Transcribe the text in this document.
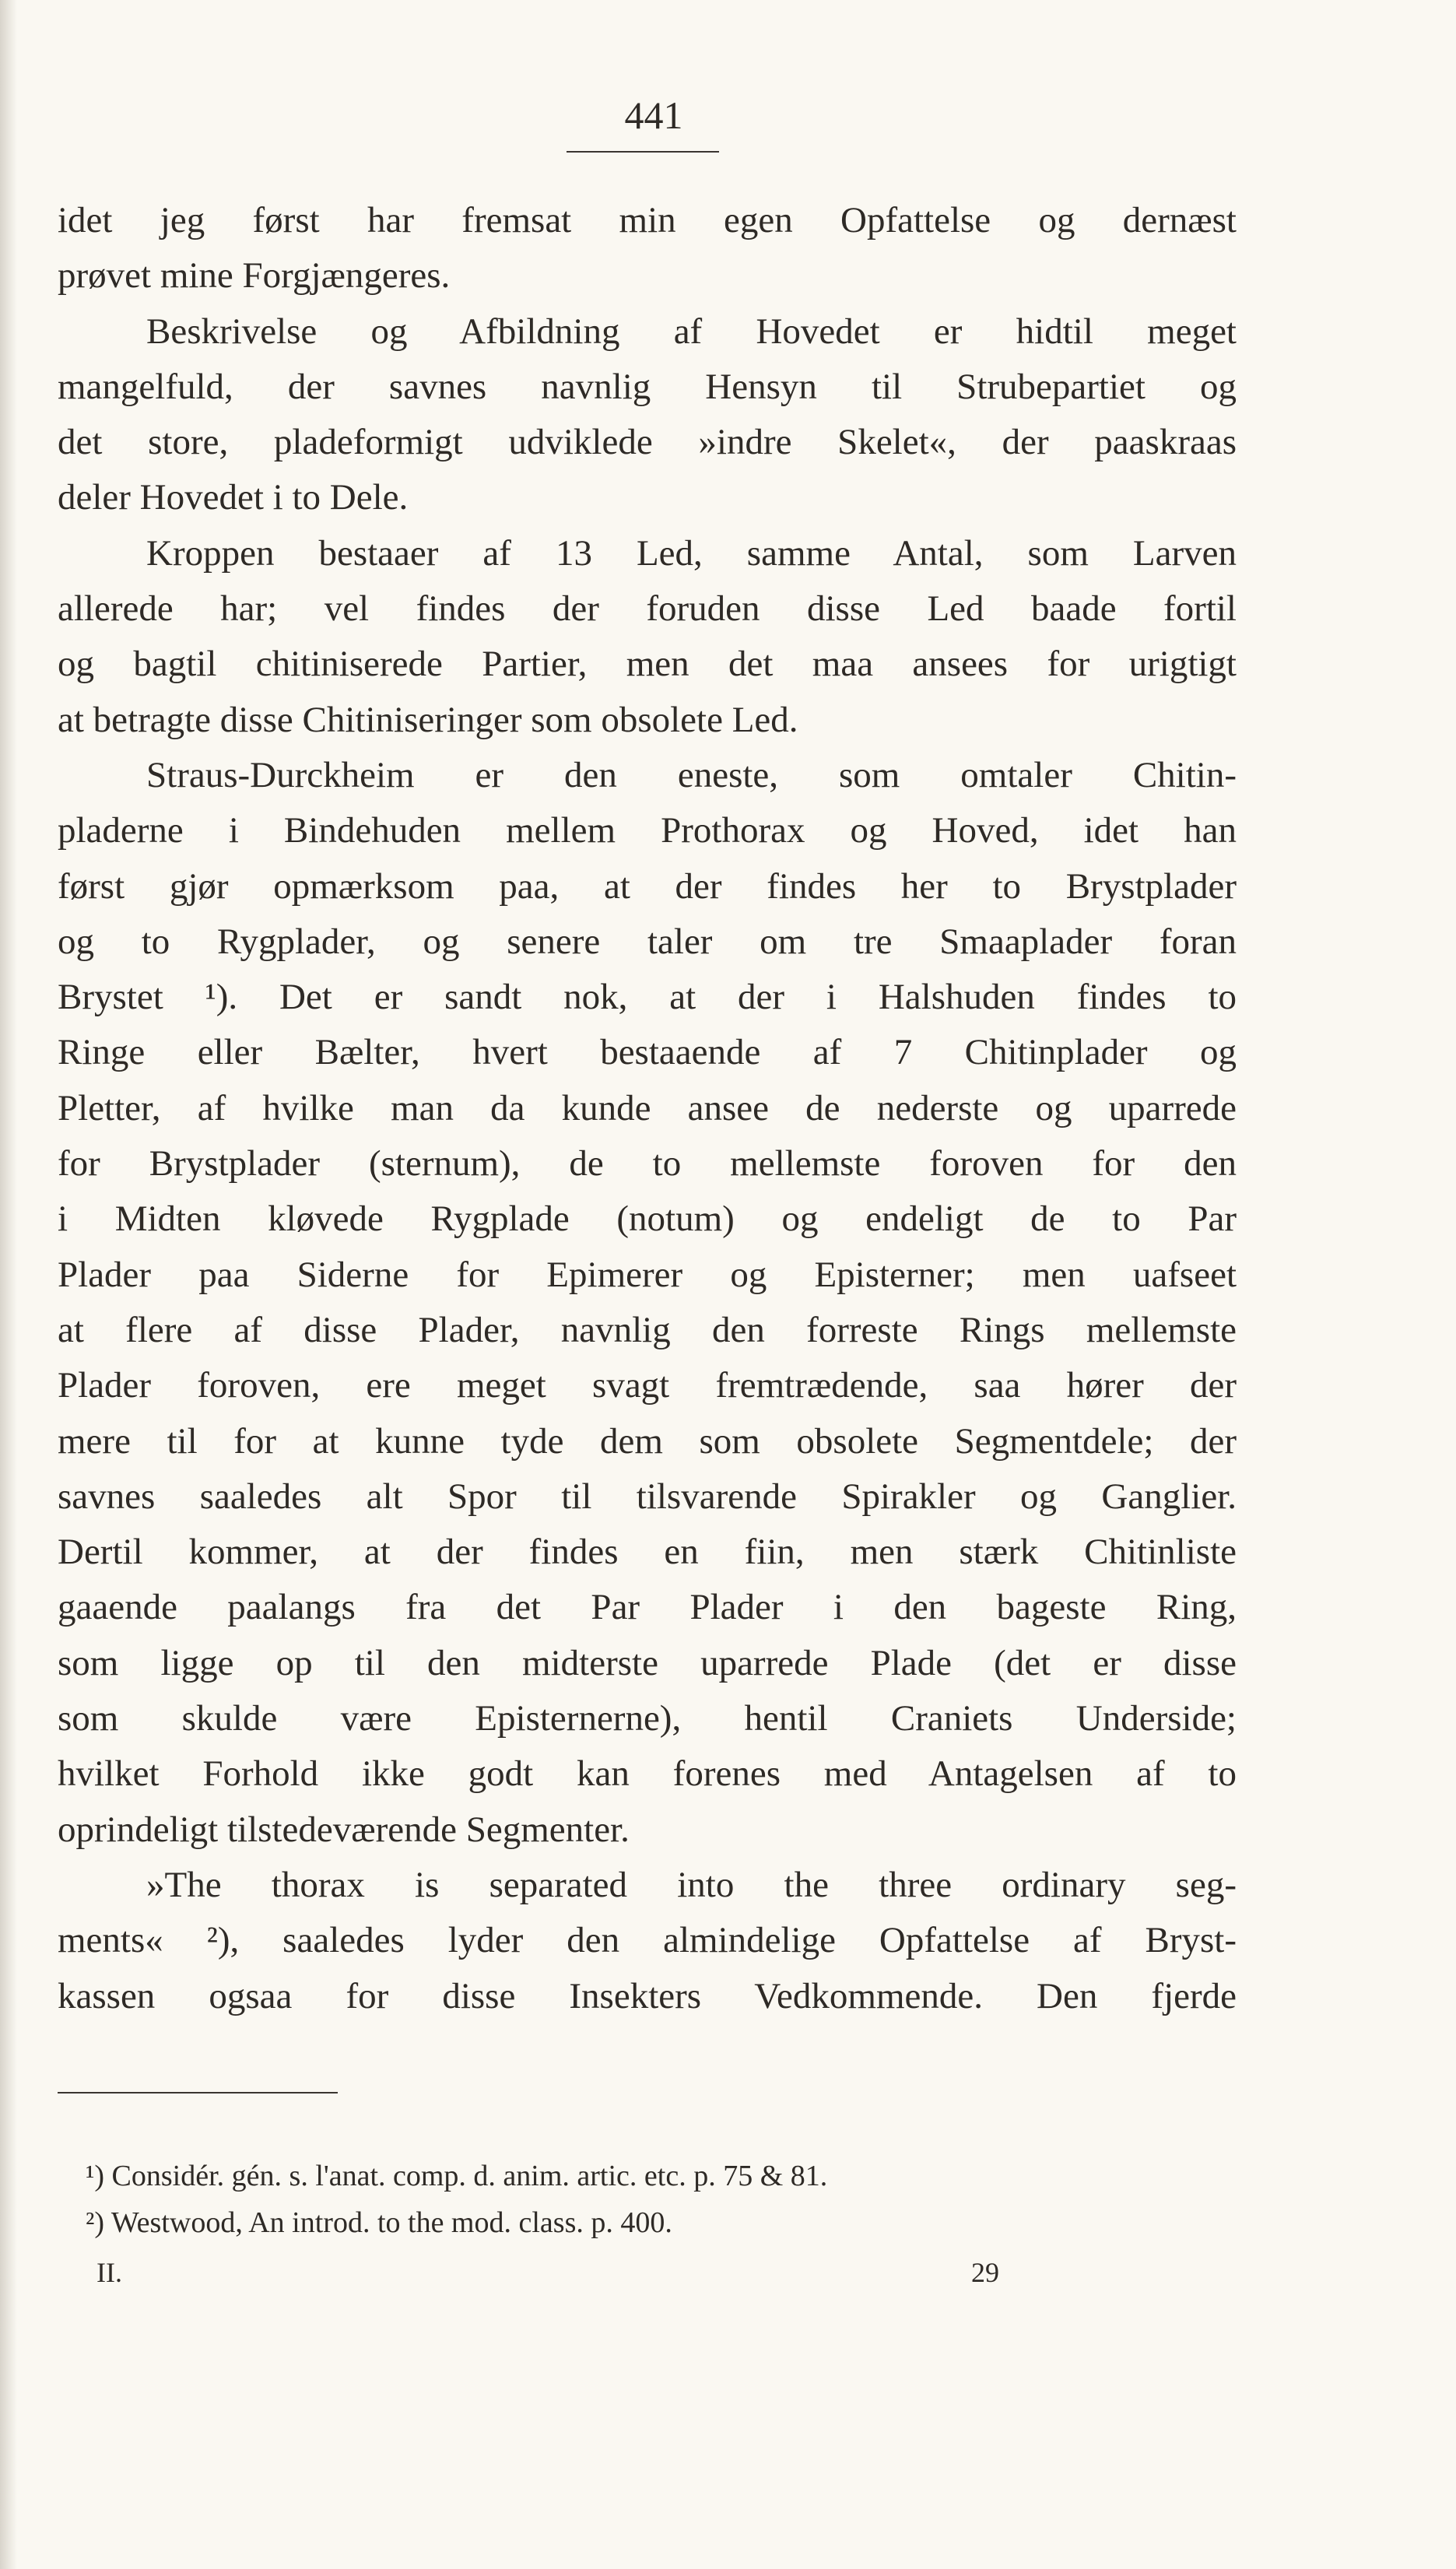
441
idet jeg først har fremsat min egen Opfattelse og dernæst
prøvet mine Forgjængeres.
Beskrivelse og Afbildning af Hovedet er hidtil meget
mangelfuld, der savnes navnlig Hensyn til Strubepartiet og
det store, pladeformigt udviklede »indre Skelet«, der paaskraas
deler Hovedet i to Dele.
Kroppen bestaaer af 13 Led, samme Antal, som Larven
allerede har; vel findes der foruden disse Led baade fortil
og bagtil chitiniserede Partier, men det maa ansees for urigtigt
at betragte disse Chitiniseringer som obsolete Led.
Straus-Durckheim er den eneste, som omtaler Chitin-
pladerne i Bindehuden mellem Prothorax og Hoved, idet han
først gjør opmærksom paa, at der findes her to Brystplader
og to Rygplader, og senere taler om tre Smaaplader foran
Brystet ¹). Det er sandt nok, at der i Halshuden findes to
Ringe eller Bælter, hvert bestaaende af 7 Chitinplader og
Pletter, af hvilke man da kunde ansee de nederste og uparrede
for Brystplader (sternum), de to mellemste foroven for den
i Midten kløvede Rygplade (notum) og endeligt de to Par
Plader paa Siderne for Epimerer og Episterner; men uafseet
at flere af disse Plader, navnlig den forreste Rings mellemste
Plader foroven, ere meget svagt fremtrædende, saa hører der
mere til for at kunne tyde dem som obsolete Segmentdele; der
savnes saaledes alt Spor til tilsvarende Spirakler og Ganglier.
Dertil kommer, at der findes en fiin, men stærk Chitinliste
gaaende paalangs fra det Par Plader i den bageste Ring,
som ligge op til den midterste uparrede Plade (det er disse
som skulde være Episternerne), hentil Craniets Underside;
hvilket Forhold ikke godt kan forenes med Antagelsen af to
oprindeligt tilstedeværende Segmenter.
»The thorax is separated into the three ordinary seg-
ments« ²), saaledes lyder den almindelige Opfattelse af Bryst-
kassen ogsaa for disse Insekters Vedkommende. Den fjerde
¹) Considér. gén. s. l'anat. comp. d. anim. artic. etc. p. 75 & 81.
²) Westwood, An introd. to the mod. class. p. 400.
II.	29
